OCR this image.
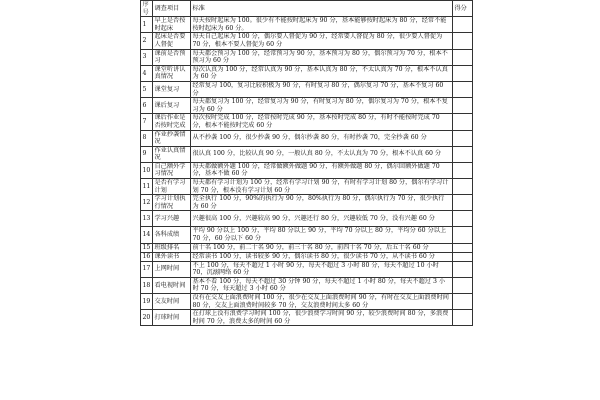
序号	调查项目	标准	得分
1	早上是否按时起床	每天按时起床为 100。很少有不能按时起床为 90 分，基本能够按时起床为 80 分，经常不能按时起床为 60 分。	
2	起床是否要人督促	每天自己起床为 100 分，偶尔要人督促为 90 分，经常要人督促为 80 分，很少要人督促为 70 分，根本不要人督促为 60 分	
3	课前是否预习	每天都会预习为 100 分，经常预习为 90 分，基本预习为 80 分，偶尔预习为 70 分，根本不预习为 60 分	
4	课堂听讲认真情况	每次认真为 100 分，经常认真为 90 分，基本认真为 80 分，不太认真为 70 分，根本不认真为 60 分	
5	课堂复习	经常复习 100，复习比较积极为 90 分，有时复习 80 分，偶尔复习 70 分，基本不复习 60 分	
6	课后复习	每天都复习为 100 分，经常复习为 90 分，有时复习为 80 分，偶尔复习为 70 分，根本不复习为 60 分	
7	课后作业是否按时完成	每次按时完成 100 分，经常按时完成 90 分，基本按时完成 80 分，有时不能按时完成 70 分，根本不能按时完成 60 分	
8	作业抄袭情况	从不抄袭 100 分，很少抄袭 90 分，偶尔抄袭 80 分，有时抄袭 70，完全抄袭 60 分	
9	作业认真情况	很认真 100 分，比较认真 90 分，一般认真 80 分，不太认真为 70 分，根本不认真 60 分	
10	自己额外学习情况	每天都做额外题 100 分，经常做额外做题 90 分，有额外做题 80 分，偶尔回额外做题 70 分，基本不做 60 分	
11	是否有学习计划	每天都有学习计划为 100 分，经常有学习计划 90 分，有时有学习计划 80 分，偶尔有学习计划 70 分，根本没有学习计划 60 分	
12	学习计划执行情况	完全执行 100 分，90%的执行为 90 分，80%执行为 80 分，偶尔执行为 70 分，很少执行为 60 分	
13	学习兴趣	兴趣很高 100 分，兴趣较高 90 分，兴趣还行 80 分，兴趣较低 70 分，没有兴趣 60 分	
14	各科成绩	平均 90 分以上 100 分，平均 80 分以上 90 分，平均 70 分以上 80 分，平均分 60 分以上 70 分，60 分以下 60 分	
15	班级排名	前十名 100 分，前二十名 90 分，前三十名 80 分，前四十名 70 分，后五十名 60 分	
16	课外读书	经常读书 100 分，读书较多 90 分，偶尔读书 80 分，很少读书 70 分，从不读书 60 分	
17	上网时间	不上 100 分，每天不超过 1 小时 90 分，每天不超过 3 小时 80 分，每天不超过 10 小时 70，沉溺网络 60 分	
18	看电视时间	基本不看 100 分，每天不超过 30 分钟 90 分，每天不超过 1 小时 80 分，每天不超过 3 小时 70 分，每天超过 3 小时 60 分	
19	交友时间	没有在交友上面浪费时间 100 分，很少在交友上面浪费时间 90 分，有时在交友上面浪费时间 80 分，交友上面浪费时间较多 70 分，交友浪费时间太多 60 分	
20	打球时间	在打球上没有浪费学习时间 100 分，很少浪费学习时间 90 分，较少浪费时间 80 分，多浪费时间 70 分，浪费太多的时间 60 分	
